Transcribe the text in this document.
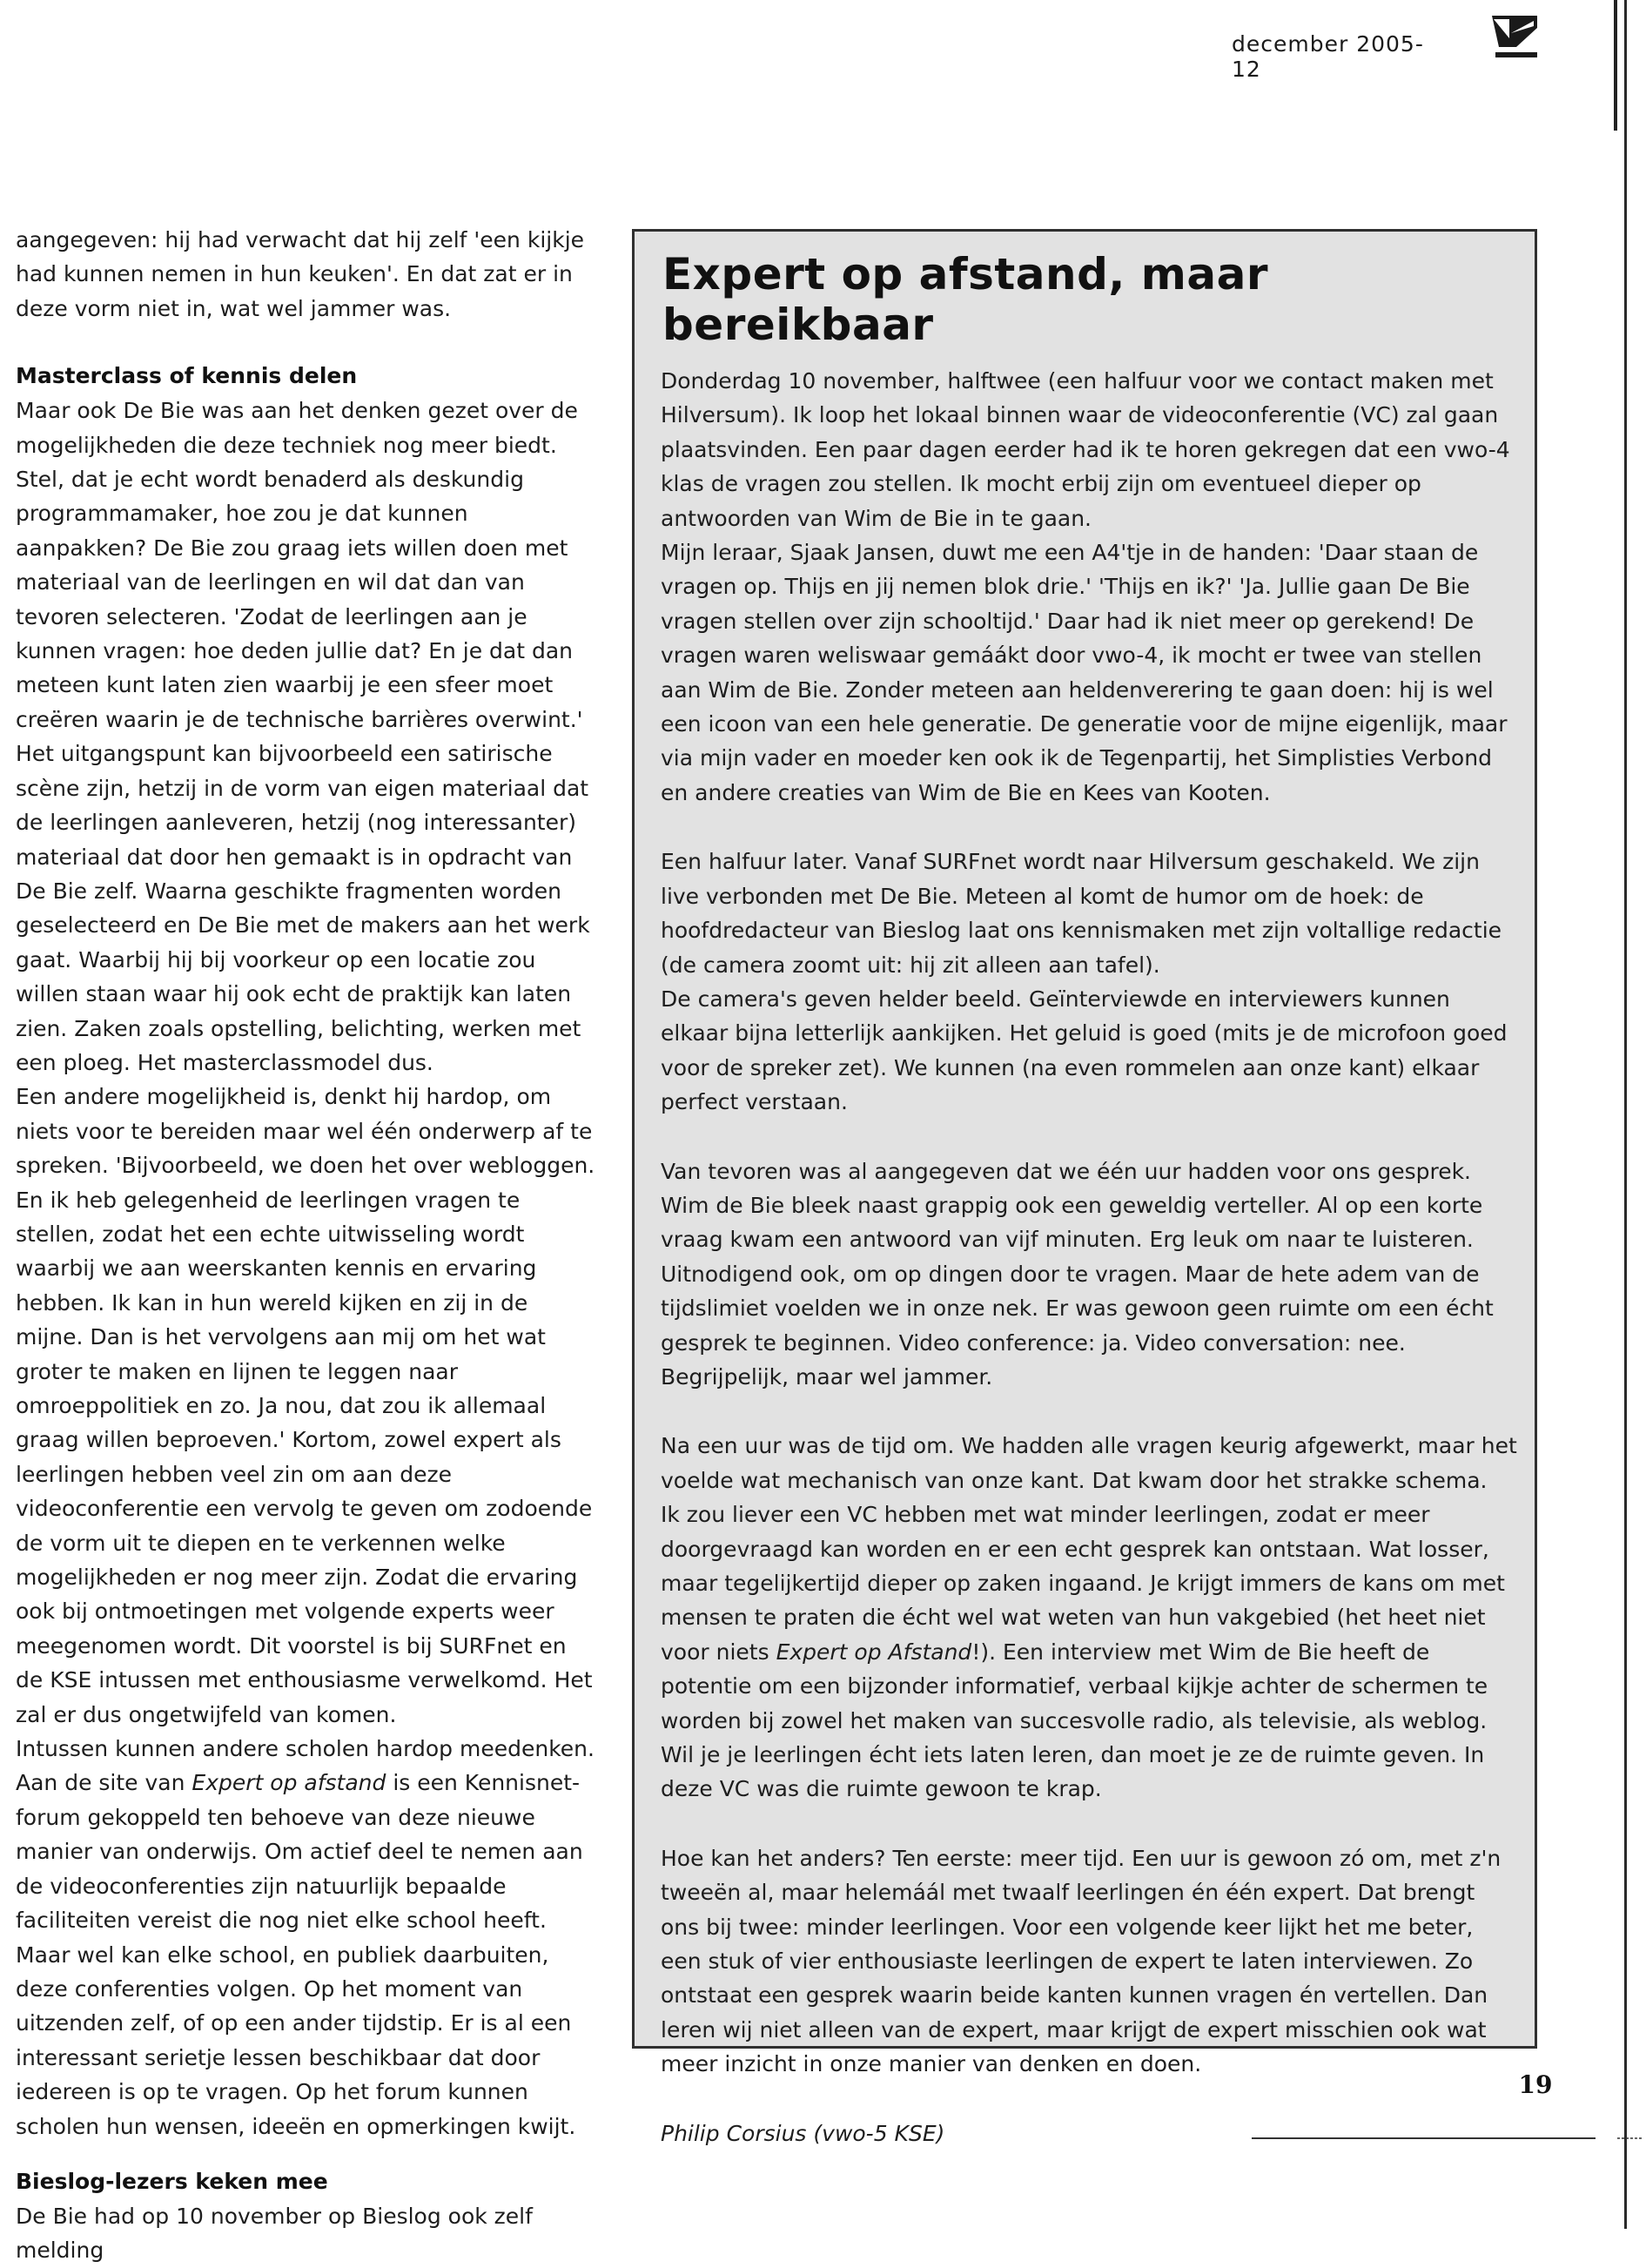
december 2005-12

aangegeven: hij had verwacht dat hij zelf 'een kijkje had kunnen nemen in hun keuken'. En dat zat er in deze vorm niet in, wat wel jammer was.

Masterclass of kennis delen

Maar ook De Bie was aan het denken gezet over de mogelijkheden die deze techniek nog meer biedt. Stel, dat je echt wordt benaderd als deskundig programmamaker, hoe zou je dat kunnen aanpakken? De Bie zou graag iets willen doen met materiaal van de leerlingen en wil dat dan van tevoren selecteren. 'Zodat de leerlingen aan je kunnen vragen: hoe deden jullie dat? En je dat dan meteen kunt laten zien waarbij je een sfeer moet creëren waarin je de technische barrières overwint.' Het uitgangspunt kan bijvoorbeeld een satirische scène zijn, hetzij in de vorm van eigen materiaal dat de leerlingen aanleveren, hetzij (nog interessanter) materiaal dat door hen gemaakt is in opdracht van De Bie zelf. Waarna geschikte fragmenten worden geselecteerd en De Bie met de makers aan het werk gaat. Waarbij hij bij voorkeur op een locatie zou willen staan waar hij ook echt de praktijk kan laten zien. Zaken zoals opstelling, belichting, werken met een ploeg. Het masterclassmodel dus.

Een andere mogelijkheid is, denkt hij hardop, om niets voor te bereiden maar wel één onderwerp af te spreken. 'Bijvoorbeeld, we doen het over webloggen. En ik heb gelegenheid de leerlingen vragen te stellen, zodat het een echte uitwisseling wordt waarbij we aan weerskanten kennis en ervaring hebben. Ik kan in hun wereld kijken en zij in de mijne. Dan is het vervolgens aan mij om het wat groter te maken en lijnen te leggen naar omroeppolitiek en zo. Ja nou, dat zou ik allemaal graag willen beproeven.' Kortom, zowel expert als leerlingen hebben veel zin om aan deze videoconferentie een vervolg te geven om zodoende de vorm uit te diepen en te verkennen welke mogelijkheden er nog meer zijn. Zodat die ervaring ook bij ontmoetingen met volgende experts weer meegenomen wordt. Dit voorstel is bij SURFnet en de KSE intussen met enthousiasme verwelkomd. Het zal er dus ongetwijfeld van komen.

Intussen kunnen andere scholen hardop meedenken. Aan de site van Expert op afstand is een Kennisnet-forum gekoppeld ten behoeve van deze nieuwe manier van onderwijs. Om actief deel te nemen aan de videoconferenties zijn natuurlijk bepaalde faciliteiten vereist die nog niet elke school heeft. Maar wel kan elke school, en publiek daarbuiten, deze conferenties volgen. Op het moment van uitzenden zelf, of op een ander tijdstip. Er is al een interessant serietje lessen beschikbaar dat door iedereen is op te vragen. Op het forum kunnen scholen hun wensen, ideeën en opmerkingen kwijt.

Bieslog-lezers keken mee

De Bie had op 10 november op Bieslog ook zelf melding

Expert op afstand, maar bereikbaar

Donderdag 10 november, halftwee (een halfuur voor we contact maken met Hilversum). Ik loop het lokaal binnen waar de videoconferentie (VC) zal gaan plaatsvinden. Een paar dagen eerder had ik te horen gekregen dat een vwo-4 klas de vragen zou stellen. Ik mocht erbij zijn om eventueel dieper op antwoorden van Wim de Bie in te gaan.

Mijn leraar, Sjaak Jansen, duwt me een A4'tje in de handen: 'Daar staan de vragen op. Thijs en jij nemen blok drie.' 'Thijs en ik?' 'Ja. Jullie gaan De Bie vragen stellen over zijn schooltijd.' Daar had ik niet meer op gerekend! De vragen waren weliswaar gemáákt door vwo-4, ik mocht er twee van stellen aan Wim de Bie. Zonder meteen aan heldenverering te gaan doen: hij is wel een icoon van een hele generatie. De generatie voor de mijne eigenlijk, maar via mijn vader en moeder ken ook ik de Tegenpartij, het Simplisties Verbond en andere creaties van Wim de Bie en Kees van Kooten.

Een halfuur later. Vanaf SURFnet wordt naar Hilversum geschakeld. We zijn live verbonden met De Bie. Meteen al komt de humor om de hoek: de hoofdredacteur van Bieslog laat ons kennismaken met zijn voltallige redactie (de camera zoomt uit: hij zit alleen aan tafel).

De camera's geven helder beeld. Geïnterviewde en interviewers kunnen elkaar bijna letterlijk aankijken. Het geluid is goed (mits je de microfoon goed voor de spreker zet). We kunnen (na even rommelen aan onze kant) elkaar perfect verstaan.

Van tevoren was al aangegeven dat we één uur hadden voor ons gesprek. Wim de Bie bleek naast grappig ook een geweldig verteller. Al op een korte vraag kwam een antwoord van vijf minuten. Erg leuk om naar te luisteren. Uitnodigend ook, om op dingen door te vragen. Maar de hete adem van de tijdslimiet voelden we in onze nek. Er was gewoon geen ruimte om een écht gesprek te beginnen. Video conference: ja. Video conversation: nee. Begrijpelijk, maar wel jammer.

Na een uur was de tijd om. We hadden alle vragen keurig afgewerkt, maar het voelde wat mechanisch van onze kant. Dat kwam door het strakke schema.

Ik zou liever een VC hebben met wat minder leerlingen, zodat er meer doorgevraagd kan worden en er een echt gesprek kan ontstaan. Wat losser, maar tegelijkertijd dieper op zaken ingaand. Je krijgt immers de kans om met mensen te praten die écht wel wat weten van hun vakgebied (het heet niet voor niets Expert op Afstand!). Een interview met Wim de Bie heeft de potentie om een bijzonder informatief, verbaal kijkje achter de schermen te worden bij zowel het maken van succesvolle radio, als televisie, als weblog. Wil je je leerlingen écht iets laten leren, dan moet je ze de ruimte geven. In deze VC was die ruimte gewoon te krap.

Hoe kan het anders? Ten eerste: meer tijd. Een uur is gewoon zó om, met z'n tweeën al, maar helemáál met twaalf leerlingen én één expert. Dat brengt ons bij twee: minder leerlingen. Voor een volgende keer lijkt het me beter, een stuk of vier enthousiaste leerlingen de expert te laten interviewen. Zo ontstaat een gesprek waarin beide kanten kunnen vragen én vertellen. Dan leren wij niet alleen van de expert, maar krijgt de expert misschien ook wat meer inzicht in onze manier van denken en doen.

Philip Corsius (vwo-5 KSE)

19
